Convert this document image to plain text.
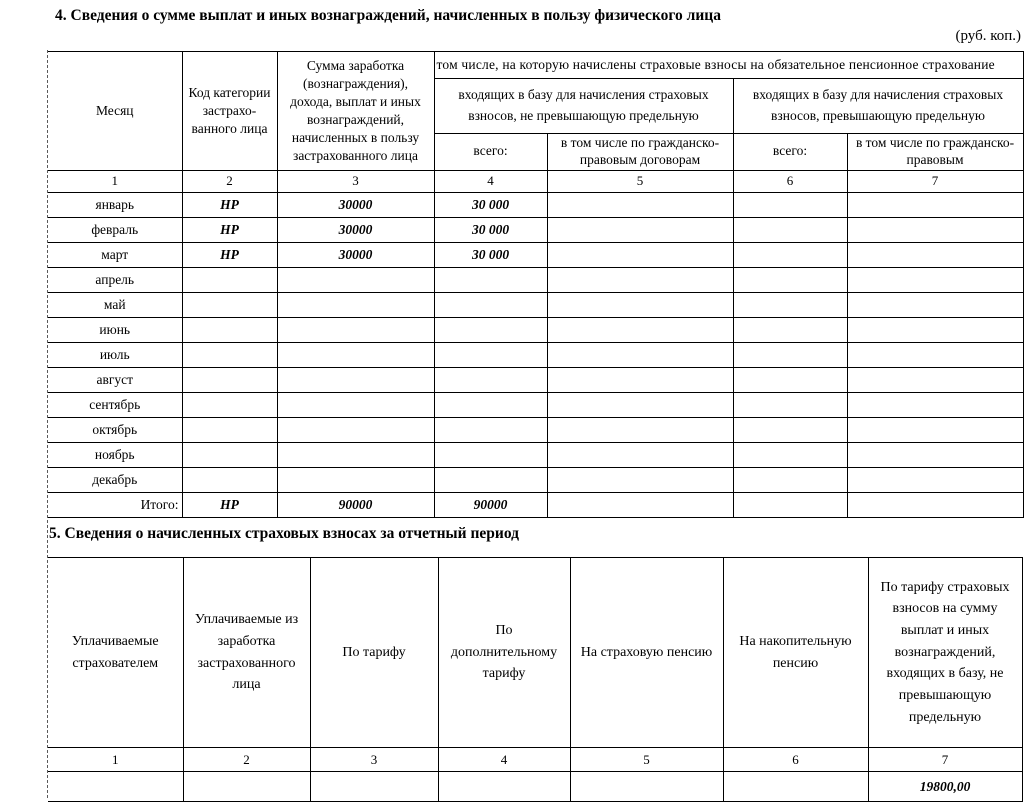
4. Сведения о сумме выплат и иных вознаграждений, начисленных в пользу физического лица
(руб. коп.)
Месяц	Код категории застрахо-ванного лица	Сумма заработка (вознаграждения), дохода, выплат и иных вознаграждений, начисленных в пользу застрахованного лица	том числе, на которую начислены страховые взносы на обязательное пенсионное страхование			
			входящих в базу для начисления страховых взносов, не превышающую предельную		входящих в базу для начисления страховых взносов, превышающую предельную	
			всего:	в том числе по гражданско-правовым договорам	всего:	в том числе по гражданско-правовым
1	2	3	4	5	6	7
январь	НР	30000	30 000			
февраль	НР	30000	30 000			
март	НР	30000	30 000			
апрель						
май						
июнь						
июль						
август						
сентябрь						
октябрь						
ноябрь						
декабрь						
Итого:	НР	90000	90000			
5. Сведения о начисленных страховых взносах за отчетный период
Уплачиваемые страхователем	Уплачиваемые из заработка застрахованного лица	По тарифу	По дополнительному тарифу	На страховую пенсию	На накопительную пенсию	По тарифу страховых взносов на сумму выплат и иных вознаграждений, входящих в базу, не превышающую предельную
1	2	3	4	5	6	7
						19800,00
